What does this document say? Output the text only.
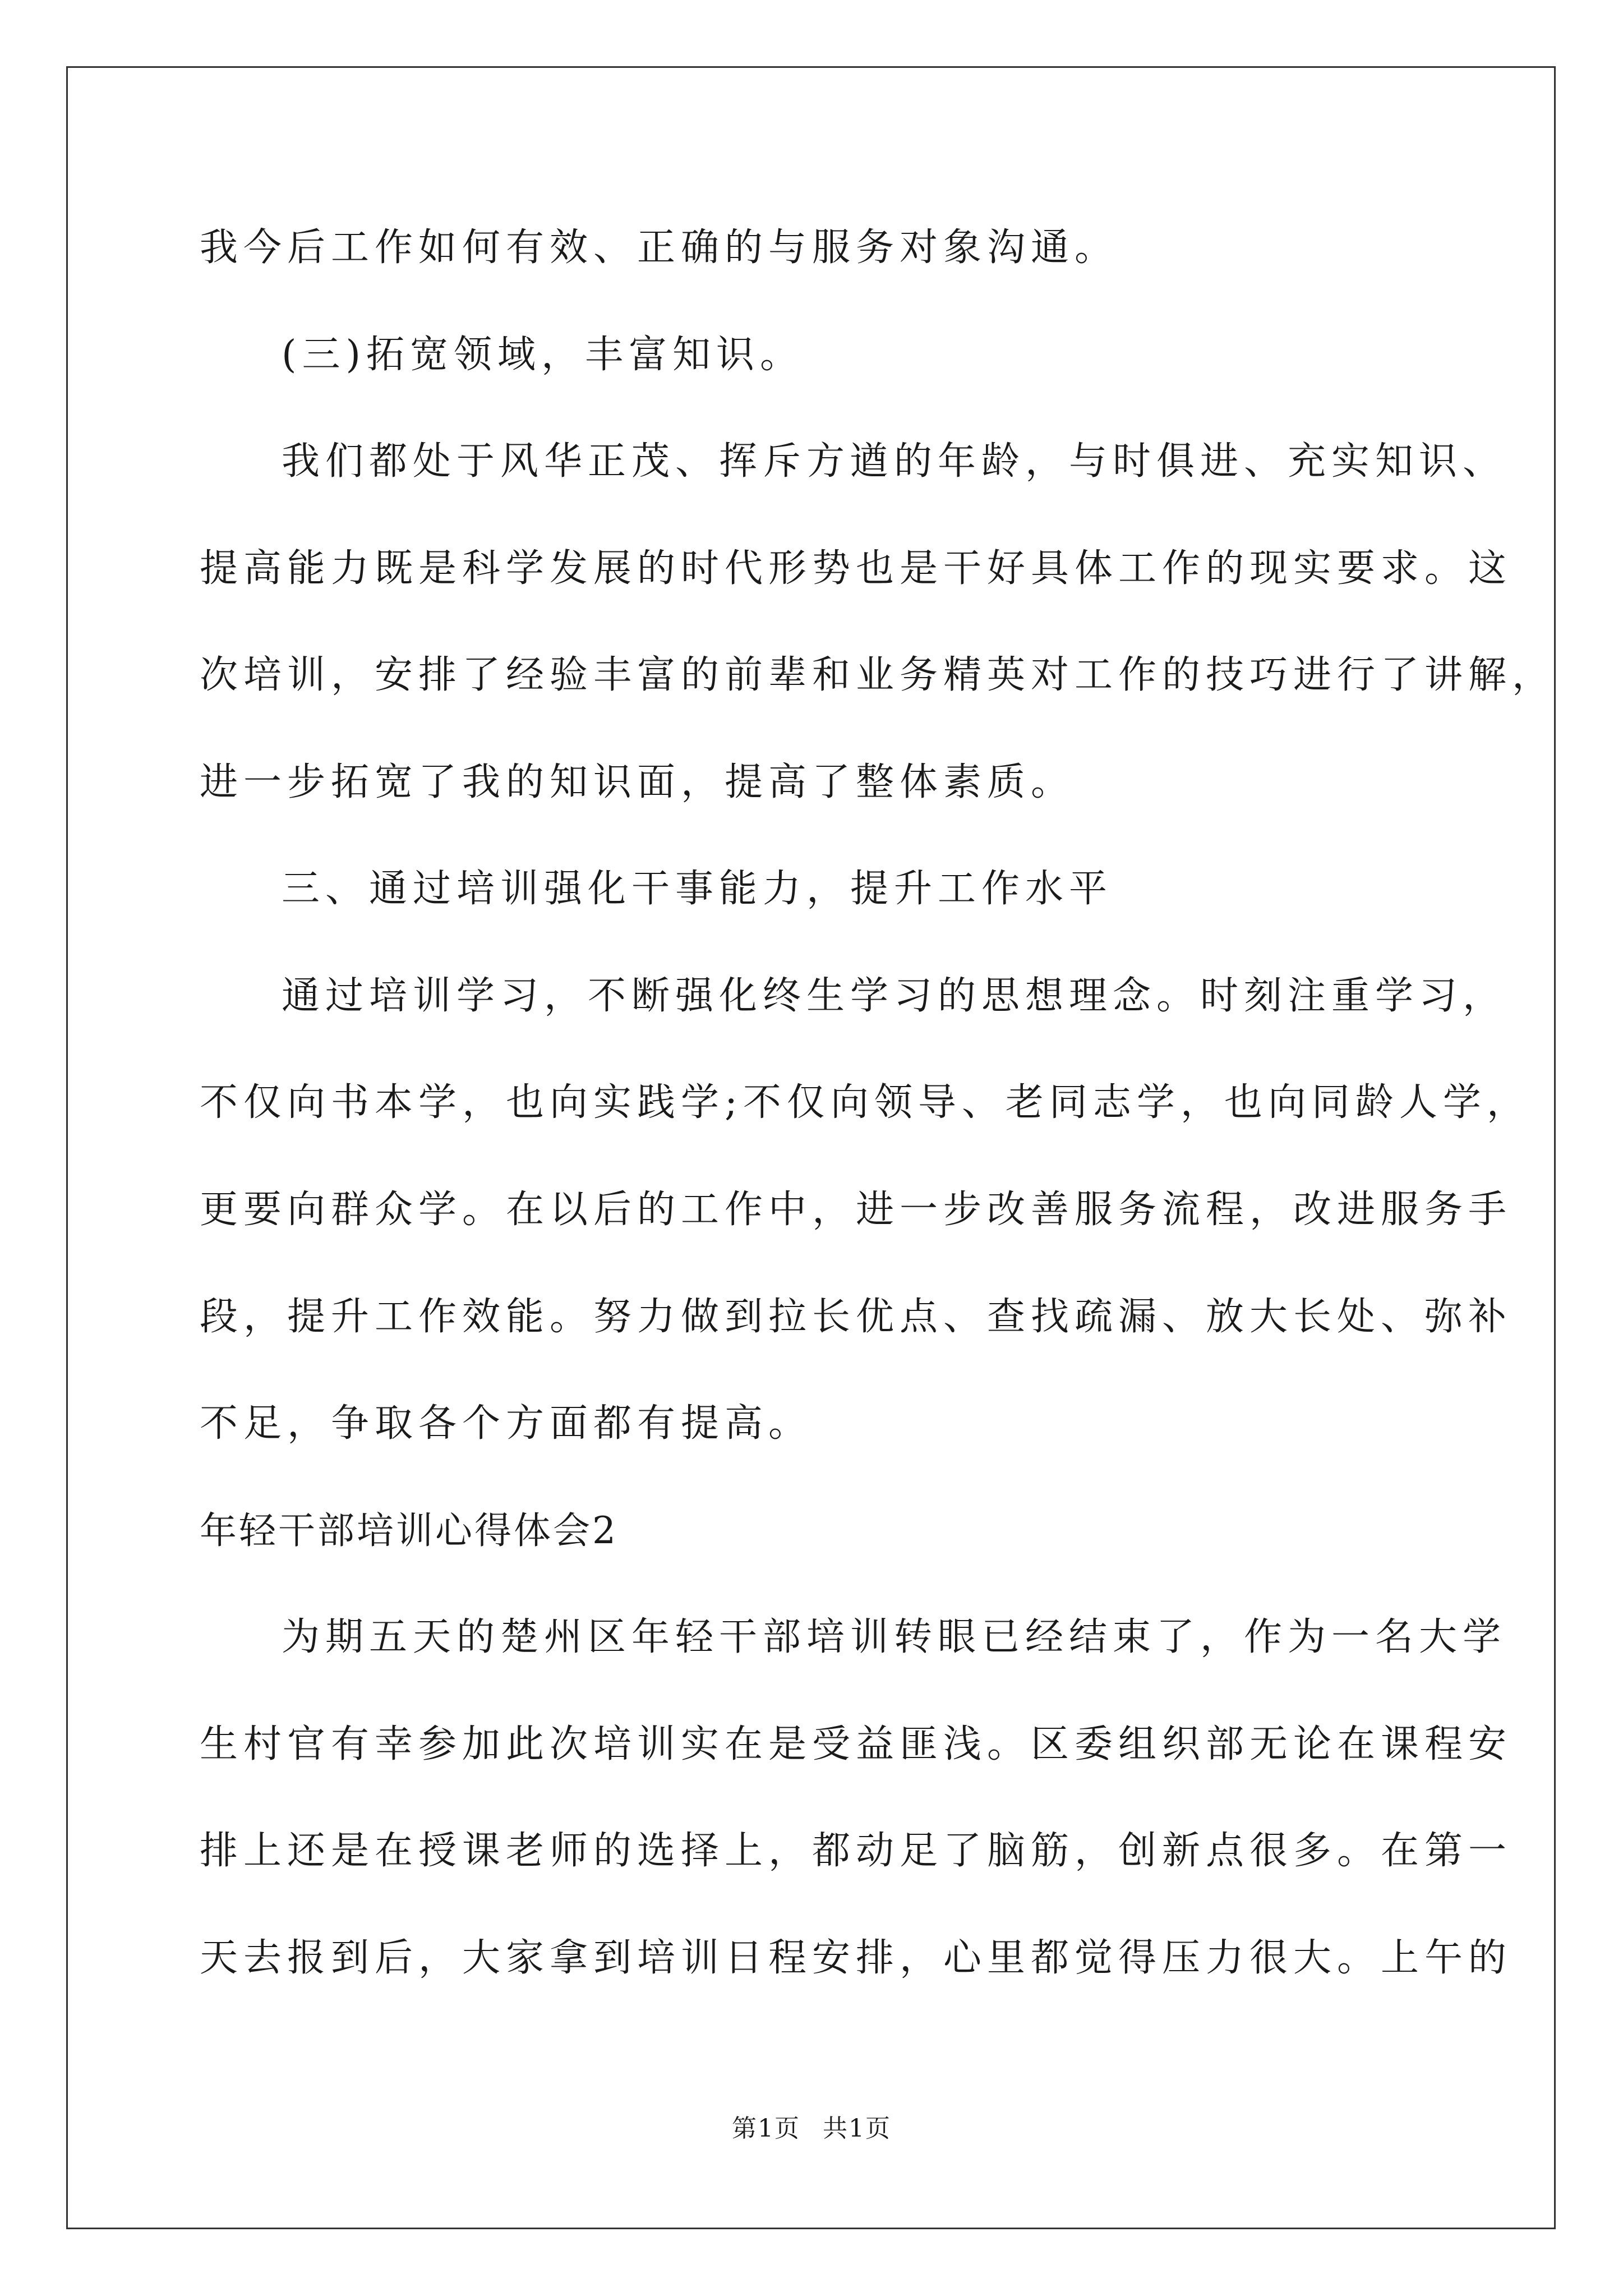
我今后工作如何有效、正确的与服务对象沟通。
(三)拓宽领域，丰富知识。
我们都处于风华正茂、挥斥方遒的年龄，与时俱进、充实知识、
提高能力既是科学发展的时代形势也是干好具体工作的现实要求。这
次培训，安排了经验丰富的前辈和业务精英对工作的技巧进行了讲解，
进一步拓宽了我的知识面，提高了整体素质。
三、通过培训强化干事能力，提升工作水平
通过培训学习，不断强化终生学习的思想理念。时刻注重学习，
不仅向书本学，也向实践学;不仅向领导、老同志学，也向同龄人学，
更要向群众学。在以后的工作中，进一步改善服务流程，改进服务手
段，提升工作效能。努力做到拉长优点、查找疏漏、放大长处、弥补
不足，争取各个方面都有提高。
年轻干部培训心得体会2
为期五天的楚州区年轻干部培训转眼已经结束了，作为一名大学
生村官有幸参加此次培训实在是受益匪浅。区委组织部无论在课程安
排上还是在授课老师的选择上，都动足了脑筋，创新点很多。在第一
天去报到后，大家拿到培训日程安排，心里都觉得压力很大。上午的
第1页 共1页
